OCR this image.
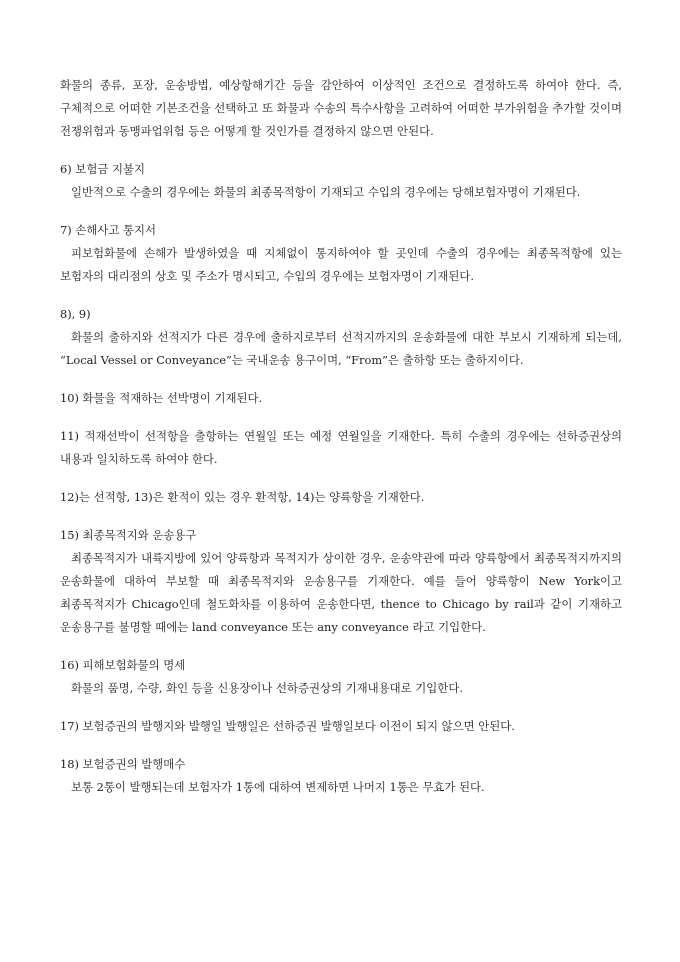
화물의 종류, 포장, 운송방법, 예상항해기간 등을 감안하여 이상적인 조건으로 결정하도록 하여야 한다. 즉, 구체적으로 어떠한 기본조건을 선택하고 또 화물과 수송의 특수사항을 고려하여 어떠한 부가위험을 추가할 것이며 전쟁위험과 동맹파업위험 등은 어떻게 할 것인가를 결정하지 않으면 안된다.

6) 보험금 지불지

일반적으로 수출의 경우에는 화물의 최종목적항이 기재되고 수입의 경우에는 당해보험자명이 기재된다.

7) 손해사고 통지서

피보험화물에 손해가 발생하였을 때 지체없이 통지하여야 할 곳인데 수출의 경우에는 최종목적항에 있는 보험자의 대리점의 상호 및 주소가 명시되고, 수입의 경우에는 보험자명이 기재된다.

8), 9)

화물의 출하지와 선적지가 다른 경우에 출하지로부터 선적지까지의 운송화물에 대한 부보시 기재하게 되는데, “Local Vessel or Conveyance”는 국내운송 용구이며, “From”은 출하항 또는 출하지이다.

10) 화물을 적재하는 선박명이 기재된다.

11) 적재선박이 선적항을 출항하는 연월일 또는 예정 연월일을 기재한다. 특히 수출의 경우에는 선하증권상의 내용과 일치하도록 하여야 한다.

12)는 선적항, 13)은 환적이 있는 경우 환적항, 14)는 양륙항을 기재한다.

15) 최종목적지와 운송용구

최종목적지가 내륙지방에 있어 양륙항과 목적지가 상이한 경우, 운송약관에 따라 양륙항에서 최종목적지까지의 운송화물에 대하여 부보할 때 최종목적지와 운송용구를 기재한다. 예를 들어 양륙항이 New York이고 최종목적지가 Chicago인데 철도화차를 이용하여 운송한다면, thence to Chicago by rail과 같이 기재하고 운송용구를 불명할 때에는 land conveyance 또는 any conveyance 라고 기입한다.

16) 피해보험화물의 명세

화물의 품명, 수량, 화인 등을 신용장이나 선하증권상의 기재내용대로 기입한다.

17) 보험증권의 발행지와 발행일 발행일은 선하증권 발행일보다 이전이 되지 않으면 안된다.

18) 보험증권의 발행매수

보통 2통이 발행되는데 보험자가 1통에 대하여 변제하면 나머지 1통은 무효가 된다.
